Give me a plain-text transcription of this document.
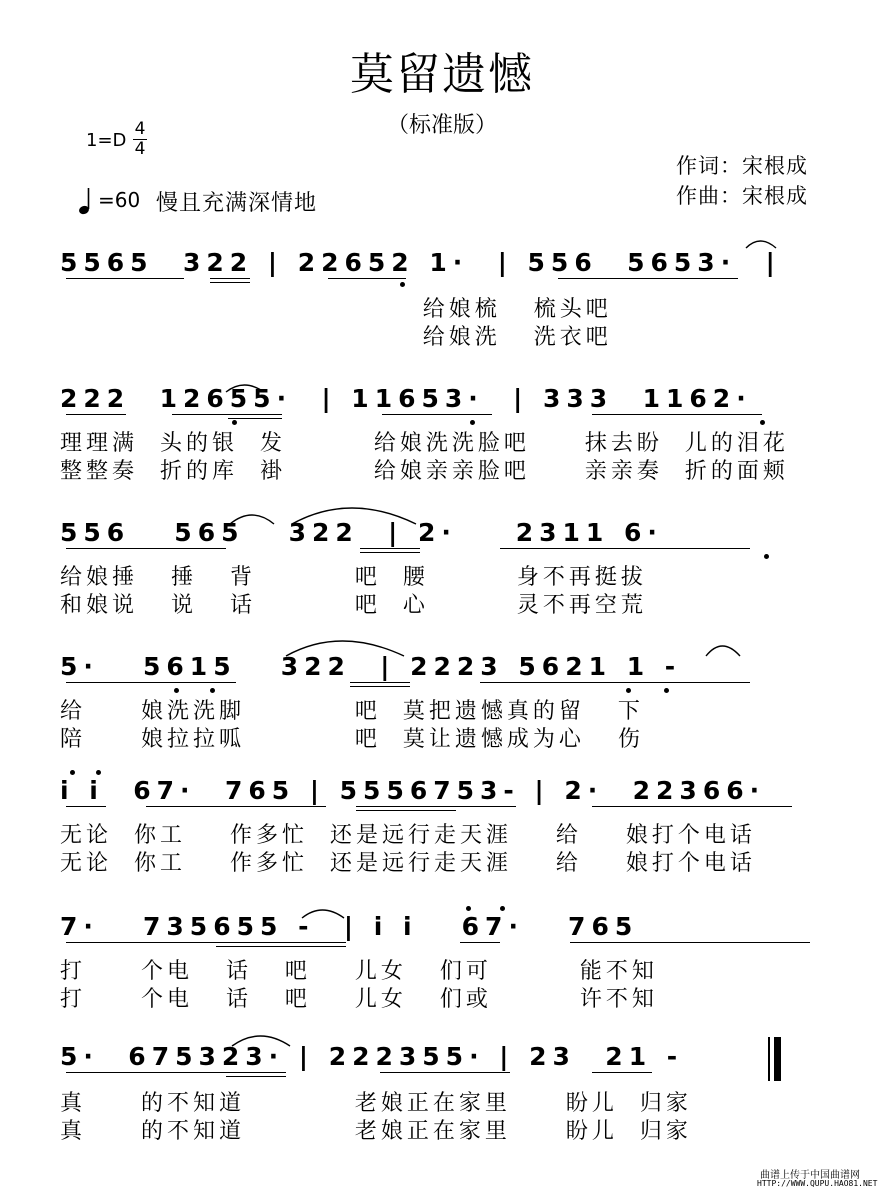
莫留遗憾
（标准版）
1=D
4
4
=60 慢且充满深情地
作词：宋根成
作曲：宋根成
5565  322 | 22652 1·  | 556  5653·  |
给娘梳   梳头吧
给娘洗   洗衣吧
222  12655·  | 11653·  | 333  1162·
理理满  头的银  发        给娘洗洗脸吧     抹去盼  儿的泪花
整整奏  折的库  褂        给娘亲亲脸吧     亲亲奏  折的面颊
556   565   322  | 2·    2311 6·
给娘捶   捶   背         吧  腰        身不再挺拔
和娘说   说   话         吧  心        灵不再空荒
5·   5615   322  | 2223 5621 1 -
给     娘洗洗脚          吧  莫把遗憾真的留   下
陪     娘拉拉呱          吧  莫让遗憾成为心   伤
i i  67·  765 | 5556753- | 2·  22366·
无论  你工    作多忙  还是远行走天涯    给    娘打个电话
无论  你工    作多忙  还是远行走天涯    给    娘打个电话
7·   735655 -  | i i   67·   765
打     个电   话   吧    儿女   们可        能不知
打     个电   话   吧    儿女   们或        许不知
5·  675323· | 222355· | 23  21 -
真     的不知道          老娘正在家里     盼儿  归家
真     的不知道          老娘正在家里     盼儿  归家
曲谱上传于中国曲谱网
HTTP://WWW.QUPU.HAO81.NET
